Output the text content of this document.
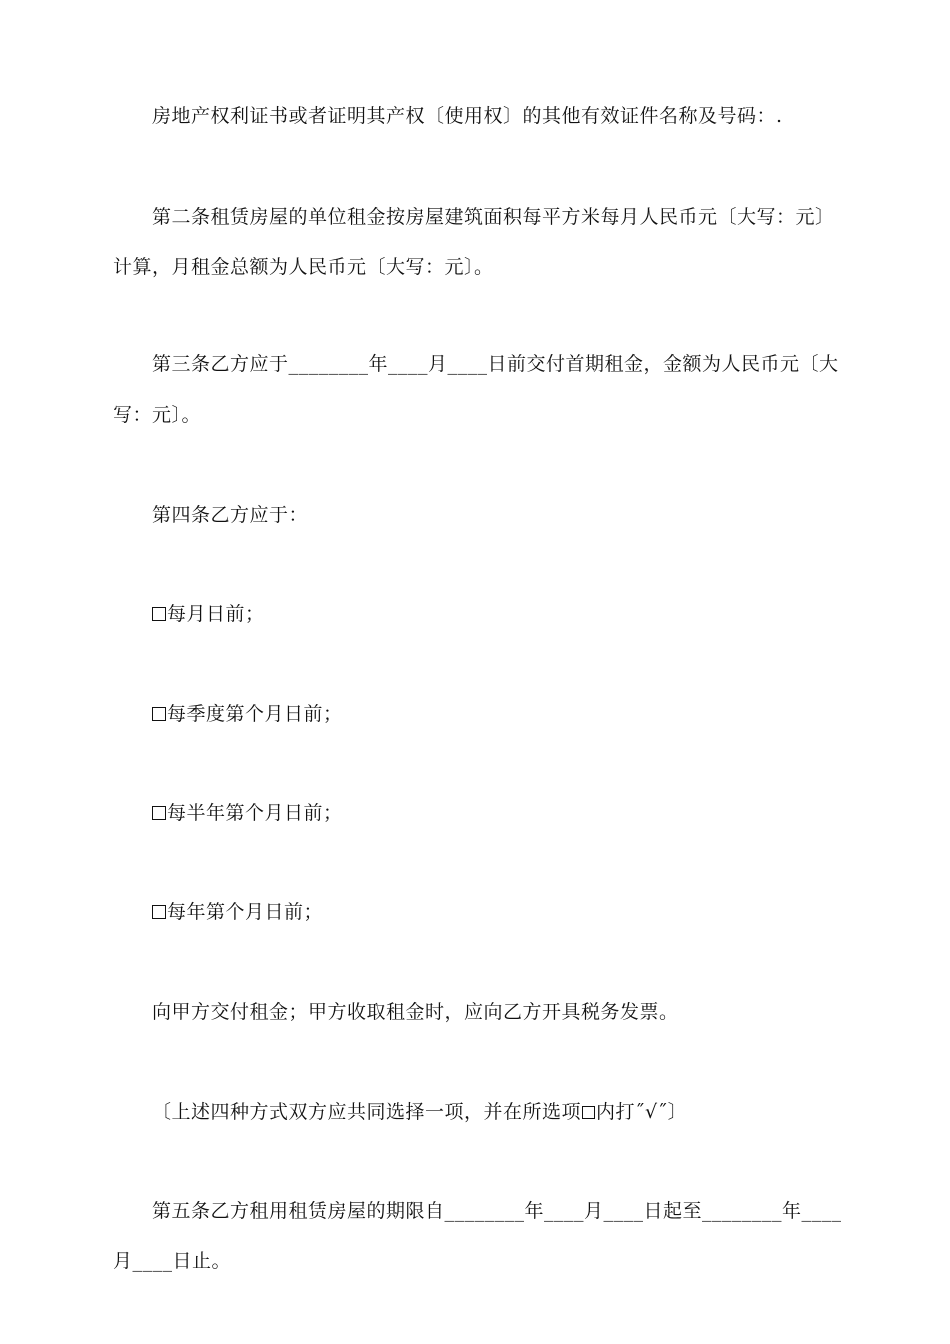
房地产权利证书或者证明其产权〔使用权〕的其他有效证件名称及号码：.
第二条租赁房屋的单位租金按房屋建筑面积每平方米每月人民币元〔大写：元〕
计算，月租金总额为人民币元〔大写：元〕。
第三条乙方应于________年____月____日前交付首期租金，金额为人民币元〔大
写：元〕。
第四条乙方应于：
每月日前；
每季度第个月日前；
每半年第个月日前；
每年第个月日前；
向甲方交付租金；甲方收取租金时，应向乙方开具税务发票。
〔上述四种方式双方应共同选择一项，并在所选项 内打˝√˝〕
第五条乙方租用租赁房屋的期限自________年____月____日起至________年____
月____日止。
